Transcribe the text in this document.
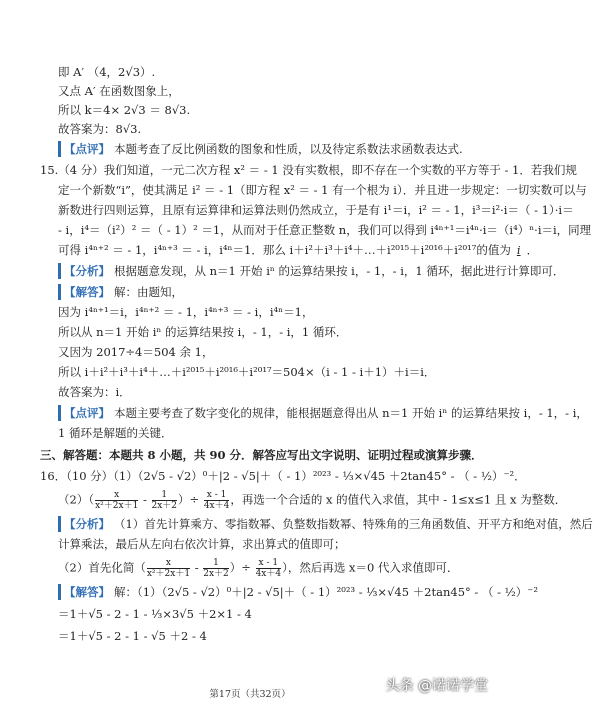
即 A′ （4，2√3）.
又点 A′ 在函数图象上，
所以 k＝4× 2√3 ＝ 8√3.
故答案为：8√3.
【点评】 本题考查了反比例函数的图象和性质，以及待定系数法求函数表达式.
15.（4 分）我们知道，一元二次方程 x² ＝ - 1 没有实数根，即不存在一个实数的平方等于 - 1．若我们规
定一个新数“i”，使其满足 i² ＝ - 1（即方程 x² ＝ - 1 有一个根为 i）．并且进一步规定：一切实数可以与
新数进行四则运算，且原有运算律和运算法则仍然成立，于是有 i¹＝i，i² ＝ - 1，i³＝i²·i＝（ - 1）·i＝
- i，i⁴＝（i²）² ＝（ - 1）² ＝1，从而对于任意正整数 n，我们可以得到 i⁴ⁿ⁺¹＝i⁴ⁿ·i＝（i⁴）ⁿ·i＝i，同理
可得 i⁴ⁿ⁺² ＝ - 1，i⁴ⁿ⁺³ ＝ - i，i⁴ⁿ＝1．那么 i＋i²＋i³＋i⁴＋…＋i²⁰¹⁵＋i²⁰¹⁶＋i²⁰¹⁷的值为 i ．
【分析】 根据题意发现，从 n＝1 开始 iⁿ 的运算结果按 i，- 1，- i，1 循环，据此进行计算即可．
【解答】 解：由题知，
因为 i⁴ⁿ⁺¹＝i，i⁴ⁿ⁺² ＝ - 1，i⁴ⁿ⁺³ ＝ - i，i⁴ⁿ＝1，
所以从 n＝1 开始 iⁿ 的运算结果按 i，- 1，- i，1 循环．
又因为 2017÷4＝504 余 1，
所以 i＋i²＋i³＋i⁴＋…＋i²⁰¹⁵＋i²⁰¹⁶＋i²⁰¹⁷＝504×（i - 1 - i＋1）＋i＝i．
故答案为：i．
【点评】 本题主要考查了数字变化的规律，能根据题意得出从 n＝1 开始 iⁿ 的运算结果按 i，- 1，- i，
1 循环是解题的关键．
三、解答题：本题共 8 小题，共 90 分．解答应写出文字说明、证明过程或演算步骤．
16．（10 分）（1）（2√5 - √2）⁰＋|2 - √5|＋（ - 1）²⁰²³ - ⅓×√45 ＋2tan45° - （ - ½）⁻²．
$(2)( \frac{x}{\text{x²＋2x＋1}} - \frac{1}{2x+2}$ ）÷ $\frac{x - 1}{4x+4}$ ，再选一个合适的 x 的值代入求值，其中 - 1≤x≤1 且 x 为整数．
【分析】 （1）首先计算乘方、零指数幂、负整数指数幂、特殊角的三角函数值、开平方和绝对值，然后
计算乘法，最后从左向右依次计算，求出算式的值即可；
（2）首先化简（ $\frac{x}{\text{x²＋2x＋1}} - \frac{1}{2x+2}$ ）÷ $\frac{x - 1}{4x+4}$ ），然后再选 x＝0 代入求值即可．
【解答】 解：（1）（2√5 - √2）⁰＋|2 - √5|＋（ - 1）²⁰²³ - ⅓×√45 ＋2tan45° - （ - ½）⁻²
＝1＋√5 - 2 - 1 - ⅓×3√5 ＋2×1 - 4
＝1＋√5 - 2 - 1 - √5 ＋2 - 4
第17页（共32页）
头条 @诺诺学堂
